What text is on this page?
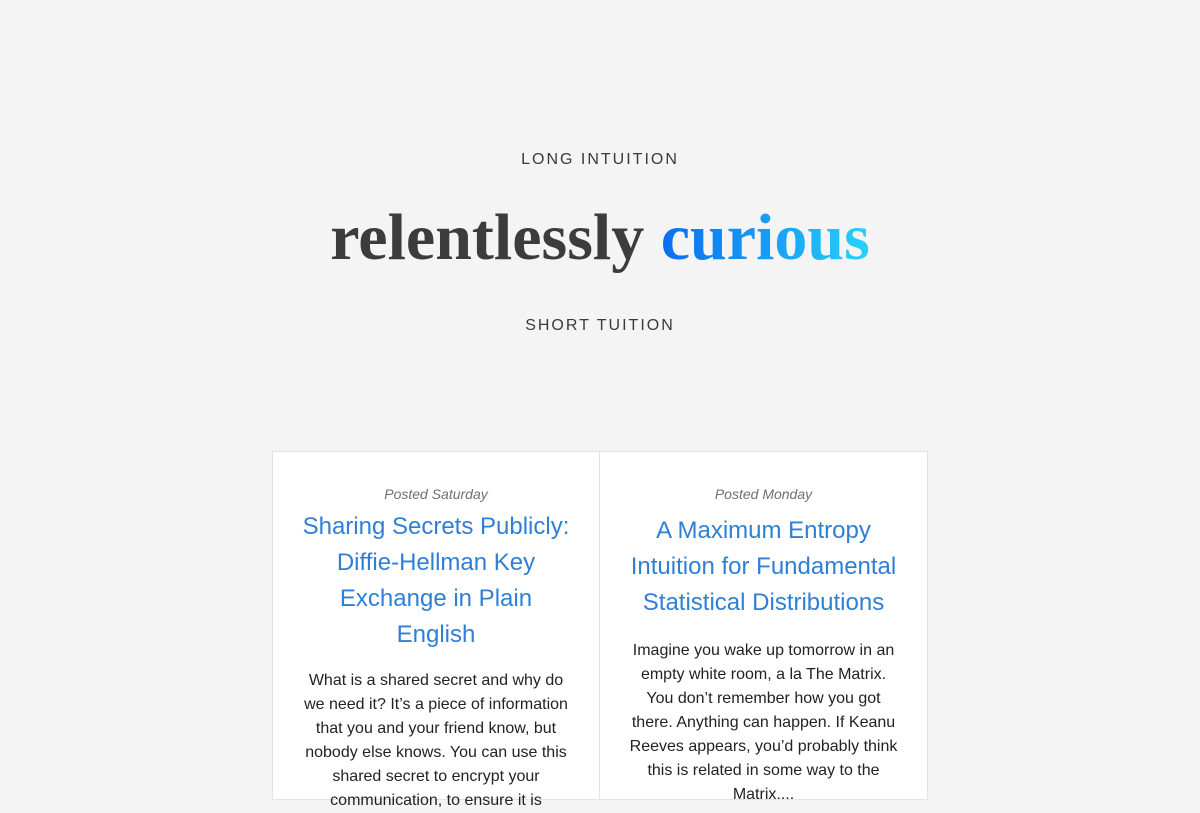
LONG INTUITION
relentlessly curious
SHORT TUITION
Posted Saturday
Sharing Secrets Publicly: Diffie-Hellman Key Exchange in Plain English
What is a shared secret and why do we need it? It’s a piece of information that you and your friend know, but nobody else knows. You can use this shared secret to encrypt your communication, to ensure it is
Posted Monday
A Maximum Entropy Intuition for Fundamental Statistical Distributions
Imagine you wake up tomorrow in an empty white room, a la The Matrix. You don’t remember how you got there. Anything can happen. If Keanu Reeves appears, you’d probably think this is related in some way to the Matrix....
